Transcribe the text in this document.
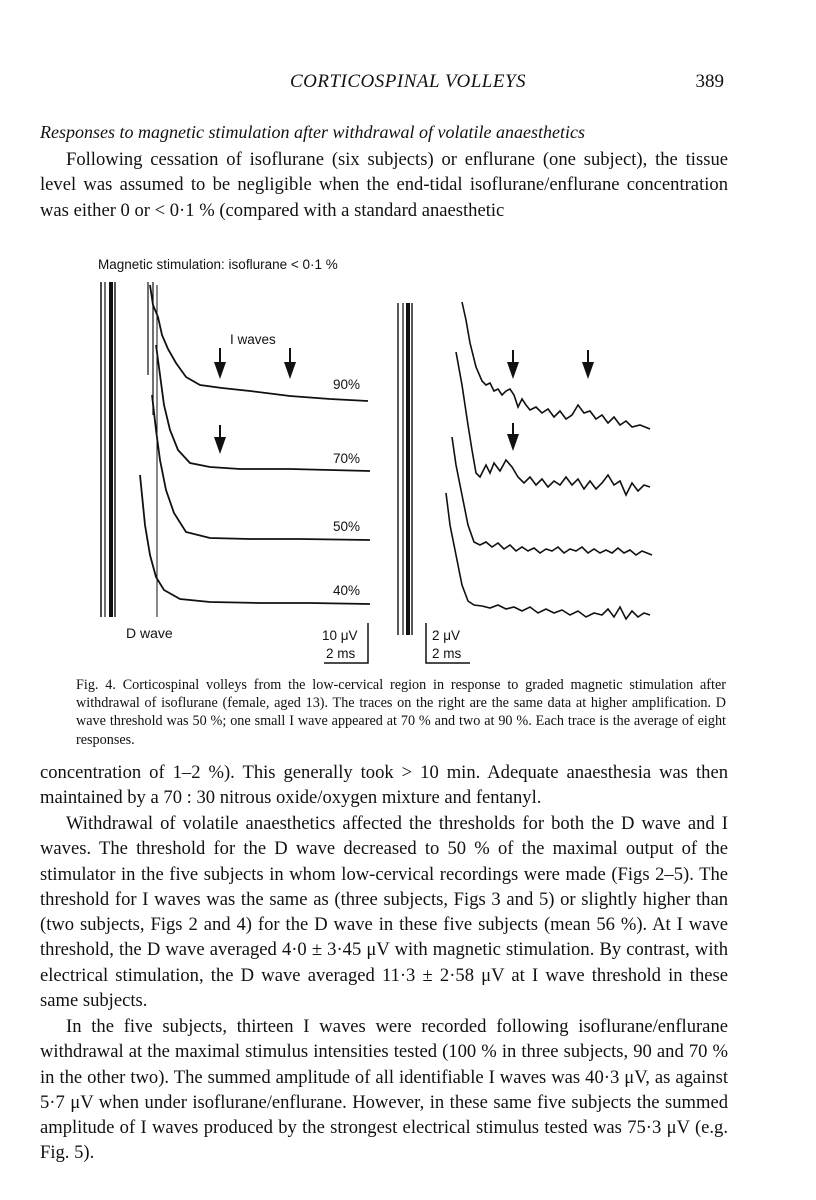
CORTICOSPINAL VOLLEYS	389
Responses to magnetic stimulation after withdrawal of volatile anaesthetics

Following cessation of isoflurane (six subjects) or enflurane (one subject), the tissue level was assumed to be negligible when the end-tidal isoflurane/enflurane concentration was either 0 or < 0·1 % (compared with a standard anaesthetic

Magnetic stimulation: isoflurane < 0·1 %
I waves
90%
70%
50%
40%
D wave	10 μV
2 ms
2 μV
2 ms

Fig. 4. Corticospinal volleys from the low-cervical region in response to graded magnetic stimulation after withdrawal of isoflurane (female, aged 13). The traces on the right are the same data at higher amplification. D wave threshold was 50 %; one small I wave appeared at 70 % and two at 90 %. Each trace is the average of eight responses.

concentration of 1–2 %). This generally took > 10 min. Adequate anaesthesia was then maintained by a 70 : 30 nitrous oxide/oxygen mixture and fentanyl.

Withdrawal of volatile anaesthetics affected the thresholds for both the D wave and I waves. The threshold for the D wave decreased to 50 % of the maximal output of the stimulator in the five subjects in whom low-cervical recordings were made (Figs 2–5). The threshold for I waves was the same as (three subjects, Figs 3 and 5) or slightly higher than (two subjects, Figs 2 and 4) for the D wave in these five subjects (mean 56 %). At I wave threshold, the D wave averaged 4·0 ± 3·45 μV with magnetic stimulation. By contrast, with electrical stimulation, the D wave averaged 11·3 ± 2·58 μV at I wave threshold in these same subjects.

In the five subjects, thirteen I waves were recorded following isoflurane/enflurane withdrawal at the maximal stimulus intensities tested (100 % in three subjects, 90 and 70 % in the other two). The summed amplitude of all identifiable I waves was 40·3 μV, as against 5·7 μV when under isoflurane/enflurane. However, in these same five subjects the summed amplitude of I waves produced by the strongest electrical stimulus tested was 75·3 μV (e.g. Fig. 5).
